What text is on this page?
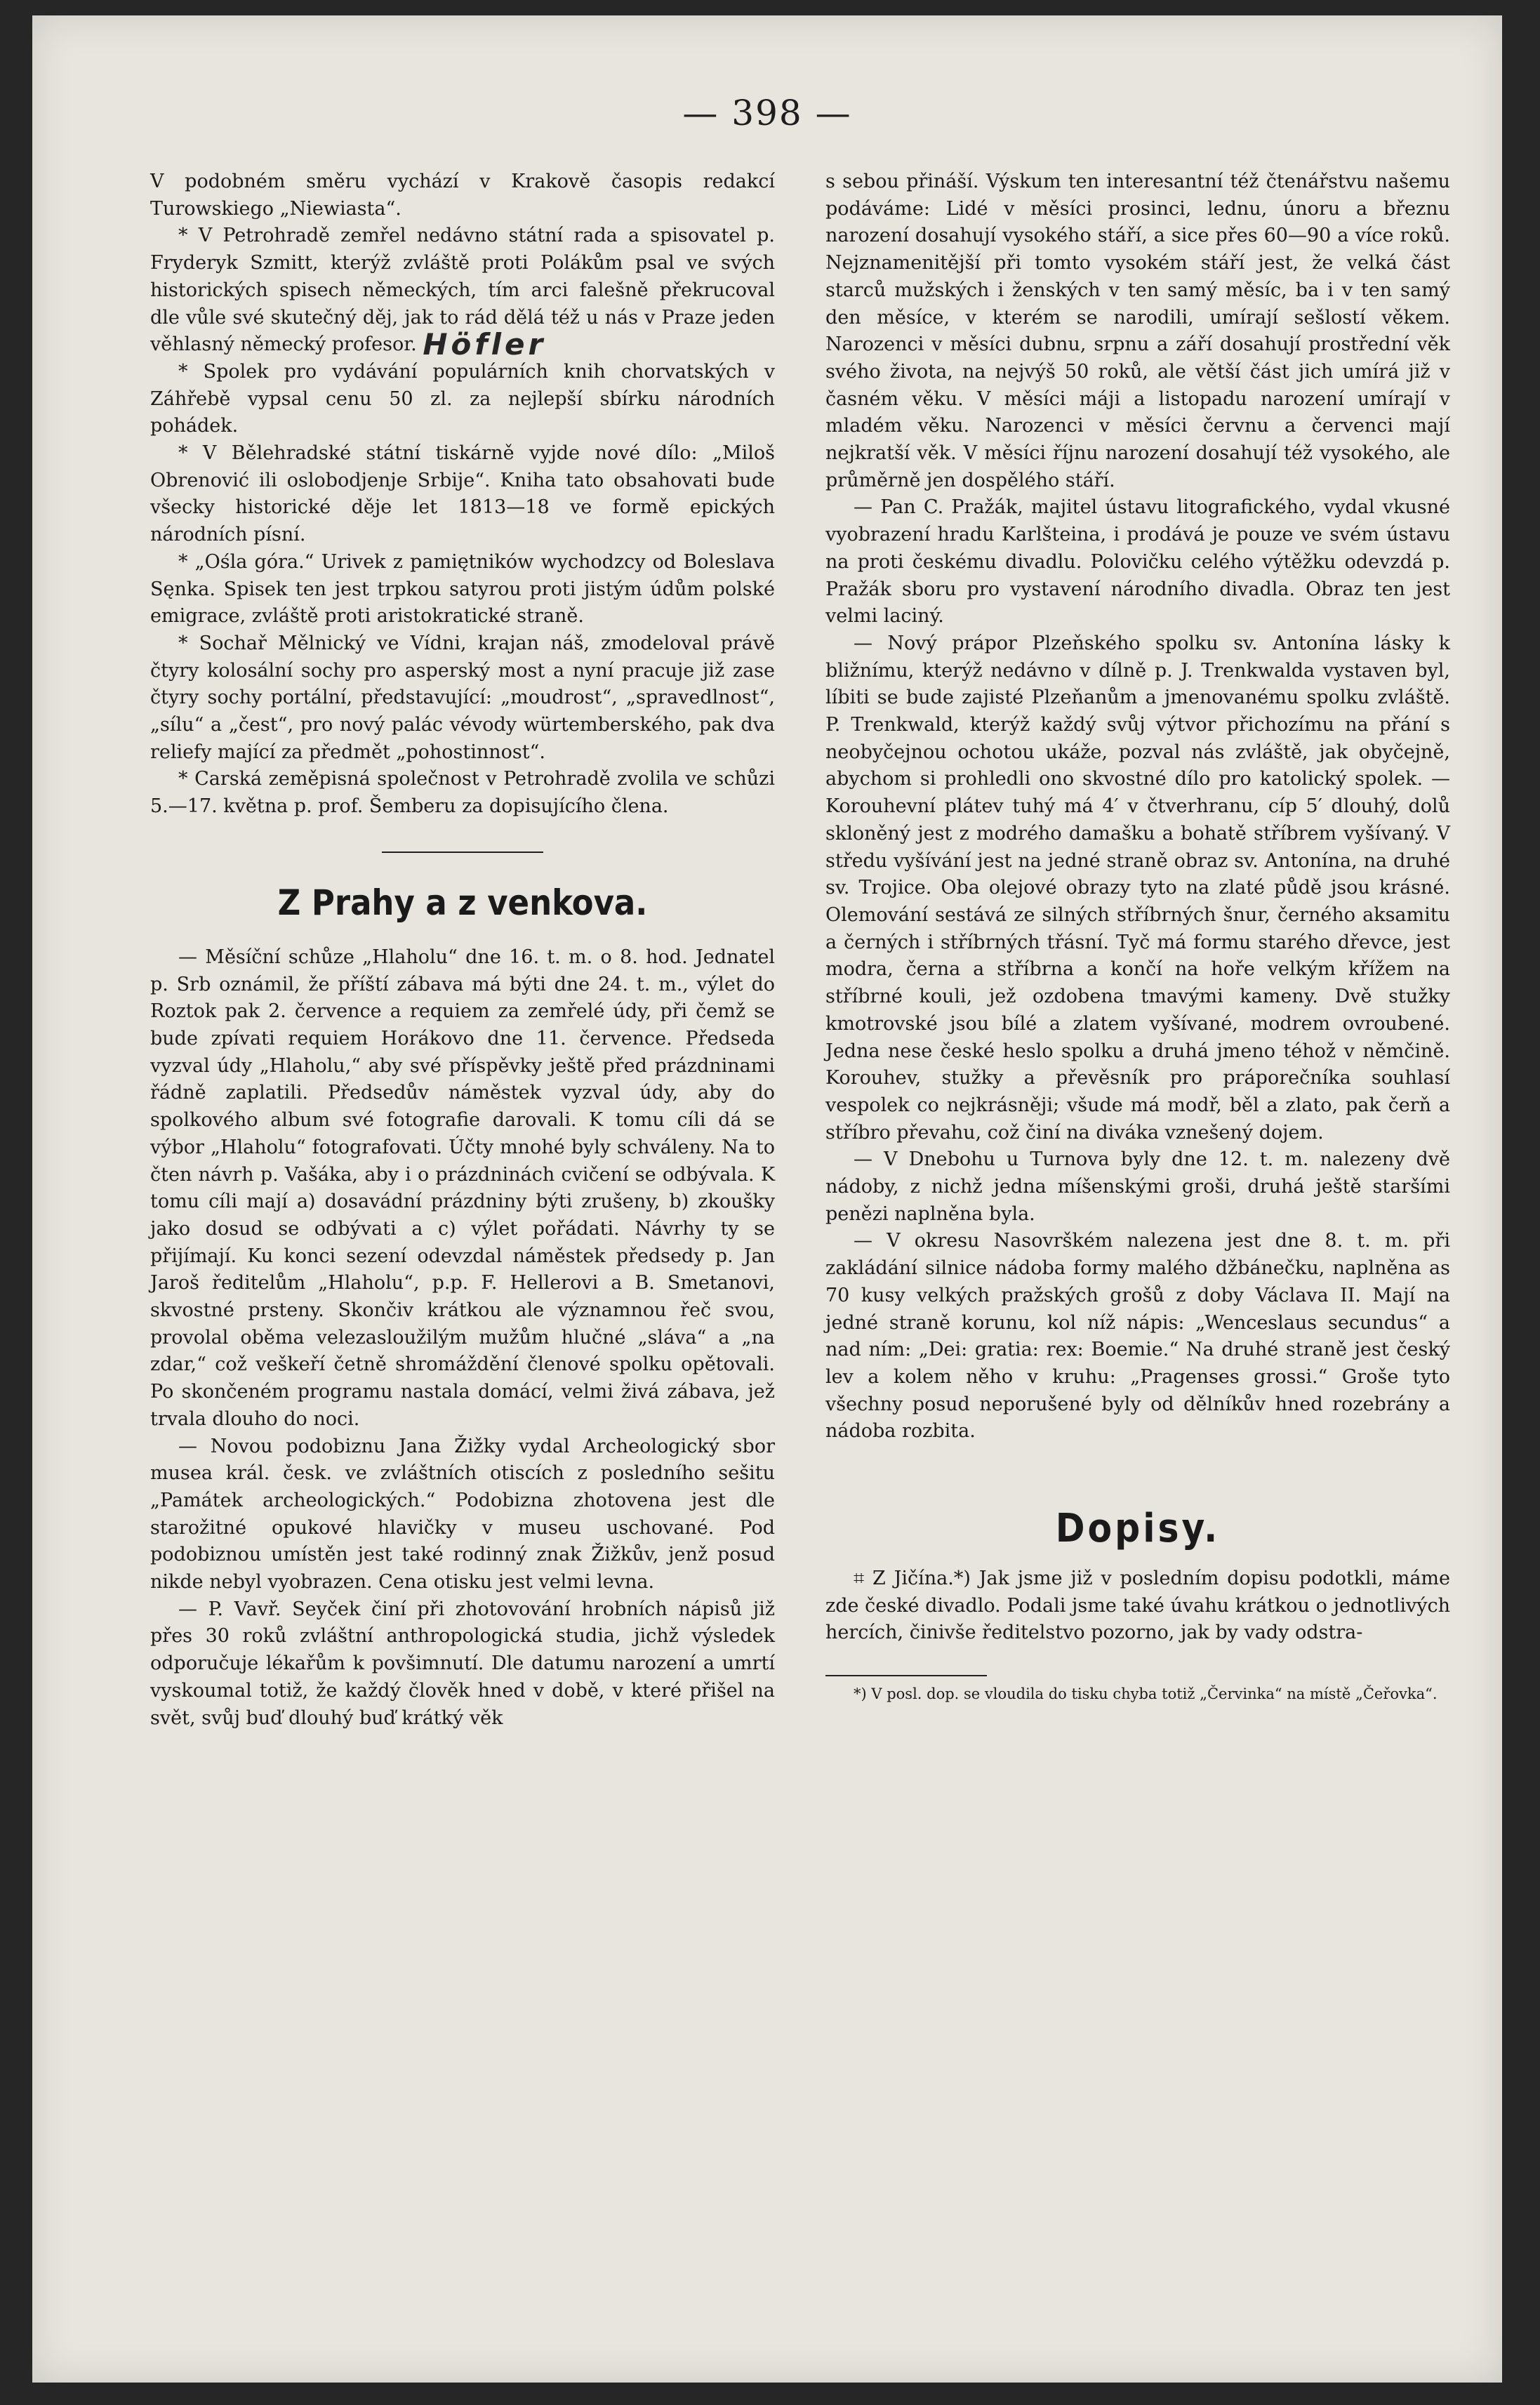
— 398 —

V podobném směru vychází v Krakově časopis redakcí Turowskiego „Niewiasta“.

* V Petrohradě zemřel nedávno státní rada a spisovatel p. Fryderyk Szmitt, kterýž zvláště proti Polákům psal ve svých historických spisech německých, tím arci falešně překrucoval dle vůle své skutečný děj, jak to rád dělá též u nás v Praze jeden věhlasný německý profesor. Höfler

* Spolek pro vydávání populárních knih chorvatských v Záhřebě vypsal cenu 50 zl. za nejlepší sbírku národních pohádek.

* V Bělehradské státní tiskárně vyjde nové dílo: „Miloš Obrenović ili oslobodjenje Srbije“. Kniha tato obsahovati bude všecky historické děje let 1813—18 ve formě epických národních písní.

* „Ośla góra.“ Urivek z pamiętników wychodzcy od Boleslava Sęnka. Spisek ten jest trpkou satyrou proti jistým údům polské emigrace, zvláště proti aristokratické straně.

* Sochař Mělnický ve Vídni, krajan náš, zmodeloval právě čtyry kolosální sochy pro asperský most a nyní pracuje již zase čtyry sochy portální, představující: „moudrost“, „spravedlnost“, „sílu“ a „čest“, pro nový palác vévody würtemberského, pak dva reliefy mající za předmět „pohostinnost“.

* Carská zeměpisná společnost v Petrohradě zvolila ve schůzi 5.—17. května p. prof. Šemberu za dopisujícího člena.

Z Prahy a z venkova.

— Měsíční schůze „Hlaholu“ dne 16. t. m. o 8. hod. Jednatel p. Srb oznámil, že příští zábava má býti dne 24. t. m., výlet do Roztok pak 2. července a requiem za zemřelé údy, při čemž se bude zpívati requiem Horákovo dne 11. července. Předseda vyzval údy „Hlaholu,“ aby své příspěvky ještě před prázdninami řádně zaplatili. Předsedův náměstek vyzval údy, aby do spolkového album své fotografie darovali. K tomu cíli dá se výbor „Hlaholu“ fotografovati. Účty mnohé byly schváleny. Na to čten návrh p. Vašáka, aby i o prázdninách cvičení se odbývala. K tomu cíli mají a) dosavádní prázdniny býti zrušeny, b) zkoušky jako dosud se odbývati a c) výlet pořádati. Návrhy ty se přijímají. Ku konci sezení odevzdal náměstek předsedy p. Jan Jaroš ředitelům „Hlaholu“, p.p. F. Hellerovi a B. Smetanovi, skvostné prsteny. Skončiv krátkou ale významnou řeč svou, provolal oběma velezasloužilým mužům hlučné „sláva“ a „na zdar,“ což veškeří četně shromáždění členové spolku opětovali. Po skončeném programu nastala domácí, velmi živá zábava, jež trvala dlouho do noci.

— Novou podobiznu Jana Žižky vydal Archeologický sbor musea král. česk. ve zvláštních otiscích z posledního sešitu „Památek archeologických.“ Podobizna zhotovena jest dle starožitné opukové hlavičky v museu uschované. Pod podobiznou umístěn jest také rodinný znak Žižkův, jenž posud nikde nebyl vyobrazen. Cena otisku jest velmi levna.

— P. Vavř. Seyček činí při zhotovování hrobních nápisů již přes 30 roků zvláštní anthropologická studia, jichž výsledek odporučuje lékařům k povšimnutí. Dle datumu narození a umrtí vyskoumal totiž, že každý člověk hned v době, v které přišel na svět, svůj buď dlouhý buď krátký věk

s sebou přináší. Výskum ten interesantní též čtenářstvu našemu podáváme: Lidé v měsíci prosinci, lednu, únoru a březnu narození dosahují vysokého stáří, a sice přes 60—90 a více roků. Nejznamenitější při tomto vysokém stáří jest, že velká část starců mužských i ženských v ten samý měsíc, ba i v ten samý den měsíce, v kterém se narodili, umírají sešlostí věkem. Narozenci v měsíci dubnu, srpnu a září dosahují prostřední věk svého života, na nejvýš 50 roků, ale větší část jich umírá již v časném věku. V měsíci máji a listopadu narození umírají v mladém věku. Narozenci v měsíci červnu a červenci mají nejkratší věk. V měsíci říjnu narození dosahují též vysokého, ale průměrně jen dospělého stáří.

— Pan C. Pražák, majitel ústavu litografického, vydal vkusné vyobrazení hradu Karlšteina, i prodává je pouze ve svém ústavu na proti českému divadlu. Polovičku celého výtěžku odevzdá p. Pražák sboru pro vystavení národního divadla. Obraz ten jest velmi laciný.

— Nový prápor Plzeňského spolku sv. Antonína lásky k bližnímu, kterýž nedávno v dílně p. J. Trenkwalda vystaven byl, líbiti se bude zajisté Plzeňanům a jmenovanému spolku zvláště. P. Trenkwald, kterýž každý svůj výtvor přichozímu na přání s neobyčejnou ochotou ukáže, pozval nás zvláště, jak obyčejně, abychom si prohledli ono skvostné dílo pro katolický spolek. — Korouhevní plátev tuhý má 4′ v čtverhranu, cíp 5′ dlouhý, dolů skloněný jest z modrého damašku a bohatě stříbrem vyšívaný. V středu vyšívání jest na jedné straně obraz sv. Antonína, na druhé sv. Trojice. Oba olejové obrazy tyto na zlaté půdě jsou krásné. Olemování sestává ze silných stříbrných šnur, černého aksamitu a černých i stříbrných třásní. Tyč má formu starého dřevce, jest modra, černa a stříbrna a končí na hoře velkým křížem na stříbrné kouli, jež ozdobena tmavými kameny. Dvě stužky kmotrovské jsou bílé a zlatem vyšívané, modrem ovroubené. Jedna nese české heslo spolku a druhá jmeno téhož v němčině. Korouhev, stužky a převěsník pro práporečníka souhlasí vespolek co nejkrásněji; všude má modř, běl a zlato, pak čerň a stříbro převahu, což činí na diváka vznešený dojem.

— V Dnebohu u Turnova byly dne 12. t. m. nalezeny dvě nádoby, z nichž jedna míšenskými groši, druhá ještě staršími penězi naplněna byla.

— V okresu Nasovrškém nalezena jest dne 8. t. m. při zakládání silnice nádoba formy malého džbánečku, naplněna as 70 kusy velkých pražských grošů z doby Václava II. Mají na jedné straně korunu, kol níž nápis: „Wenceslaus secundus“ a nad ním: „Dei: gratia: rex: Boemie.“ Na druhé straně jest český lev a kolem něho v kruhu: „Pragenses grossi.“ Groše tyto všechny posud neporušené byly od dělníkův hned rozebrány a nádoba rozbita.

Dopisy.

⌗ Z Jičína.*) Jak jsme již v posledním dopisu podotkli, máme zde české divadlo. Podali jsme také úvahu krátkou o jednotlivých hercích, činivše ředitelstvo pozorno, jak by vady odstra-

*) V posl. dop. se vloudila do tisku chyba totiž „Červinka“ na místě „Čeřovka“.
